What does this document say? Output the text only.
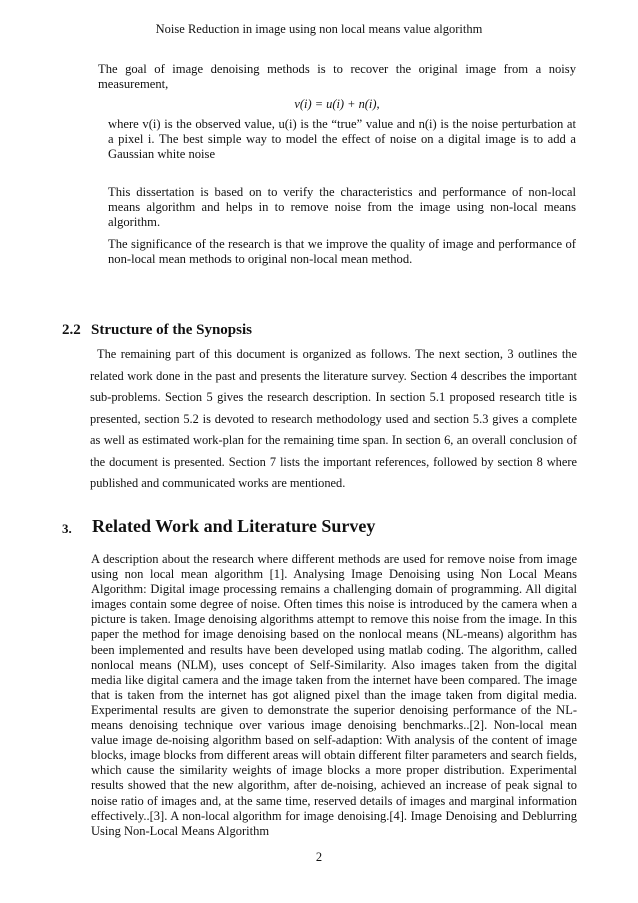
Noise Reduction in image using non local means value algorithm
The goal of image denoising methods is to recover the original image from a noisy measurement,
v(i) = u(i) + n(i),
where v(i) is the observed value, u(i) is the “true” value and n(i) is the noise perturbation at a pixel i. The best simple way to model the effect of noise on a digital image is to add a Gaussian white noise
This dissertation is based on to verify the characteristics and performance of non-local means algorithm and helps in to remove noise from the image using non-local means algorithm.
The significance of the research is that we improve the quality of image and performance of non-local mean methods to original non-local mean method.
2.2 Structure of the Synopsis
The remaining part of this document is organized as follows. The next section, 3 outlines the related work done in the past and presents the literature survey. Section 4 describes the important sub-problems. Section 5 gives the research description. In section 5.1 proposed research title is presented, section 5.2 is devoted to research methodology used and section 5.3 gives a complete as well as estimated work-plan for the remaining time span. In section 6, an overall conclusion of the document is presented. Section 7 lists the important references, followed by section 8 where published and communicated works are mentioned.
3. Related Work and Literature Survey
A description about the research where different methods are used for remove noise from image using non local mean algorithm [1]. Analysing Image Denoising using Non Local Means Algorithm: Digital image processing remains a challenging domain of programming. All digital images contain some degree of noise. Often times this noise is introduced by the camera when a picture is taken. Image denoising algorithms attempt to remove this noise from the image. In this paper the method for image denoising based on the nonlocal means (NL-means) algorithm has been implemented and results have been developed using matlab coding. The algorithm, called nonlocal means (NLM), uses concept of Self-Similarity. Also images taken from the digital media like digital camera and the image taken from the internet have been compared. The image that is taken from the internet has got aligned pixel than the image taken from digital media. Experimental results are given to demonstrate the superior denoising performance of the NL-means denoising technique over various image denoising benchmarks..[2]. Non-local mean value image de-noising algorithm based on self-adaption: With analysis of the content of image blocks, image blocks from different areas will obtain different filter parameters and search fields, which cause the similarity weights of image blocks a more proper distribution. Experimental results showed that the new algorithm, after de-noising, achieved an increase of peak signal to noise ratio of images and, at the same time, reserved details of images and marginal information effectively..[3]. A non-local algorithm for image denoising.[4]. Image Denoising and Deblurring Using Non-Local Means Algorithm
2
